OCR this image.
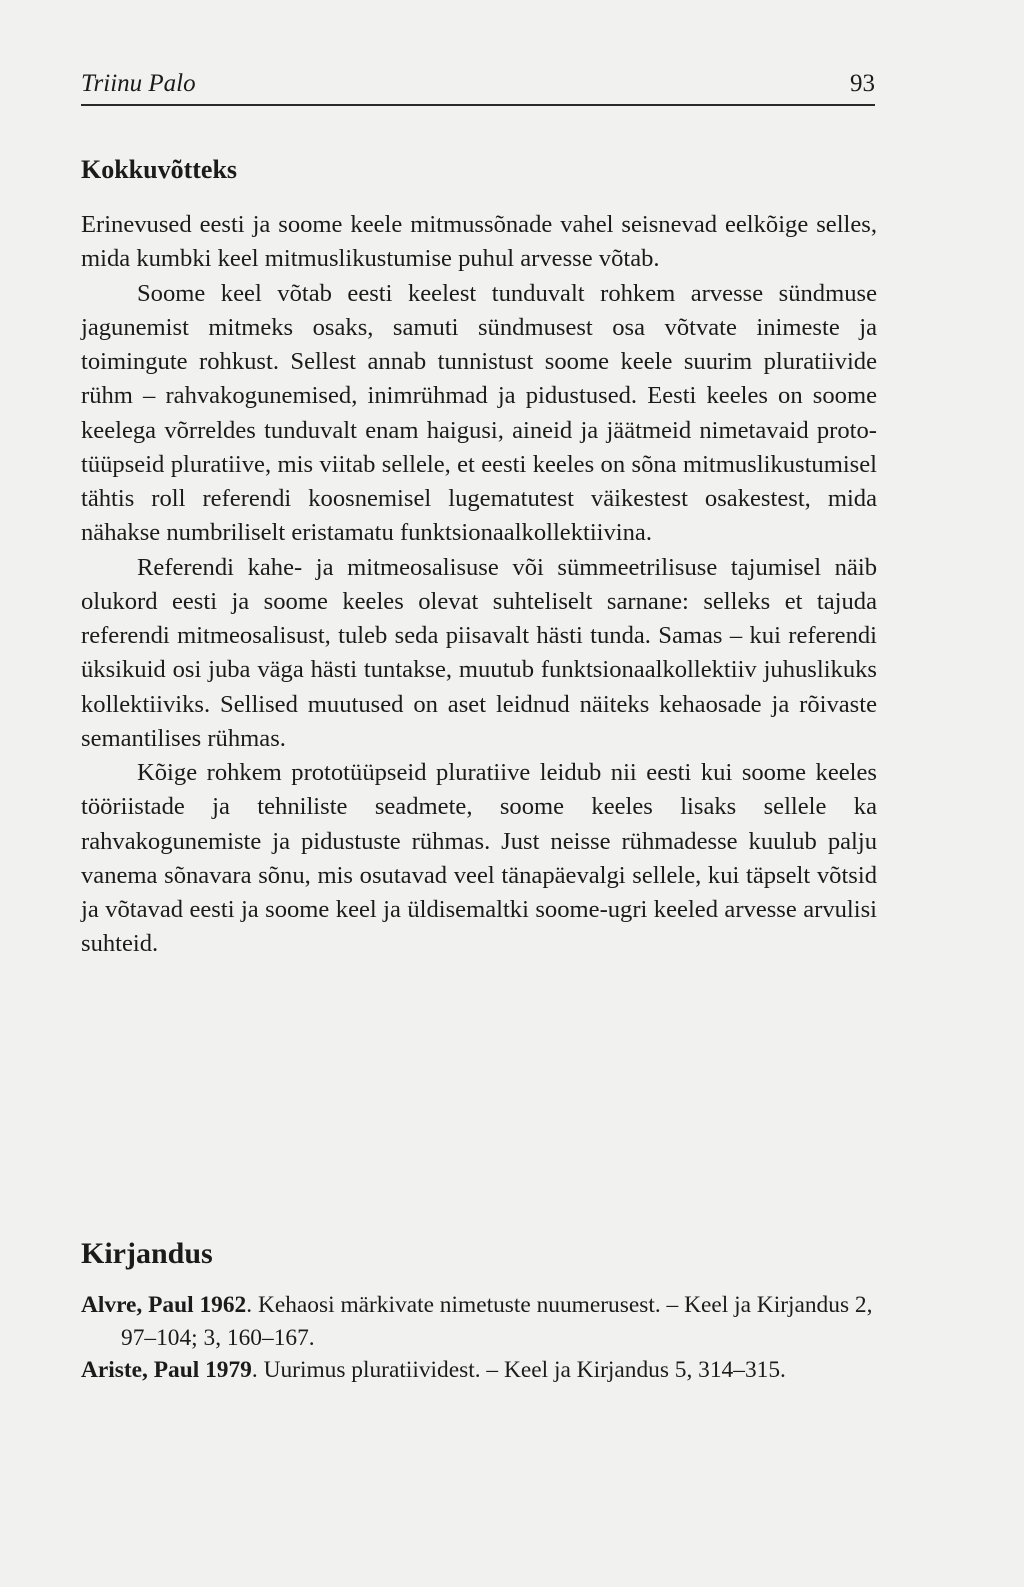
Triinu Palo	93
Kokkuvõtteks

Erinevused eesti ja soome keele mitmussõnade vahel seisnevad eelkõige selles, mida kumbki keel mitmuslikustumise puhul arvesse võtab.

Soome keel võtab eesti keelest tunduvalt rohkem arvesse sündmuse jagunemist mitmeks osaks, samuti sündmusest osa võtvate inimeste ja toimingute rohkust. Sellest annab tunnistust soome keele suurim pluratiivide rühm – rahvakogunemised, inimrühmad ja pidustused. Eesti keeles on soome keelega võrreldes tunduvalt enam haigusi, aineid ja jäätmeid nimetavaid prototüüpseid pluratiive, mis viitab sellele, et eesti keeles on sõna mitmuslikustumisel tähtis roll referendi koosnemisel lugematutest väikestest osakestest, mida nähakse numbriliselt eristamatu funktsionaalkollektiivina.

Referendi kahe- ja mitmeosalisuse või sümmeetrilisuse tajumisel näib olukord eesti ja soome keeles olevat suhteliselt sarnane: selleks et tajuda referendi mitmeosalisust, tuleb seda piisavalt hästi tunda. Samas – kui referendi üksikuid osi juba väga hästi tuntakse, muutub funktsionaalkollektiiv juhuslikuks kollektiiviks. Sellised muutused on aset leidnud näiteks kehaosade ja rõivaste semantilises rühmas.

Kõige rohkem prototüüpseid pluratiive leidub nii eesti kui soome keeles tööriistade ja tehniliste seadmete, soome keeles lisaks sellele ka rahvakogunemiste ja pidustuste rühmas. Just neisse rühmadesse kuulub palju vanema sõnavara sõnu, mis osutavad veel tänapäevalgi sellele, kui täpselt võtsid ja võtavad eesti ja soome keel ja üldisemaltki soome-ugri keeled arvesse arvulisi suhteid.

Kirjandus

Alvre, Paul 1962. Kehaosi märkivate nimetuste nuumerusest. – Keel ja Kirjandus 2, 97–104; 3, 160–167.

Ariste, Paul 1979. Uurimus pluratiividest. – Keel ja Kirjandus 5, 314–315.
